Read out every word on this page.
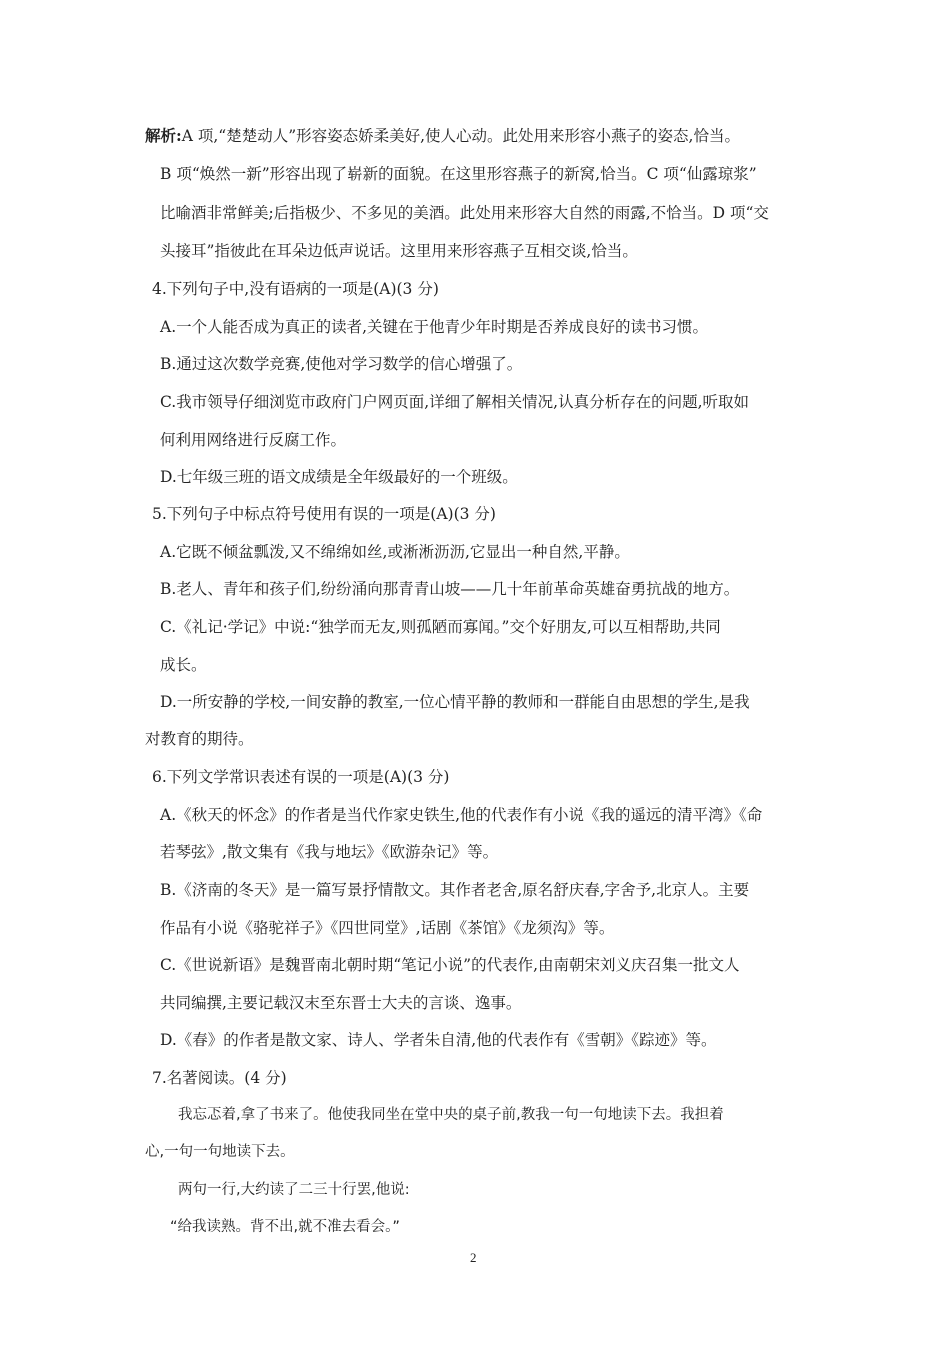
解析:A 项,“楚楚动人”形容姿态娇柔美好,使人心动。此处用来形容小燕子的姿态,恰当。
B 项“焕然一新”形容出现了崭新的面貌。在这里形容燕子的新窝,恰当。C 项“仙露琼浆”
比喻酒非常鲜美;后指极少、不多见的美酒。此处用来形容大自然的雨露,不恰当。D 项“交
头接耳”指彼此在耳朵边低声说话。这里用来形容燕子互相交谈,恰当。
4.下列句子中,没有语病的一项是(A)(3 分)
A.一个人能否成为真正的读者,关键在于他青少年时期是否养成良好的读书习惯。
B.通过这次数学竞赛,使他对学习数学的信心增强了。
C.我市领导仔细浏览市政府门户网页面,详细了解相关情况,认真分析存在的问题,听取如
何利用网络进行反腐工作。
D.七年级三班的语文成绩是全年级最好的一个班级。
5.下列句子中标点符号使用有误的一项是(A)(3 分)
A.它既不倾盆瓢泼,又不绵绵如丝,或淅淅沥沥,它显出一种自然,平静。
B.老人、青年和孩子们,纷纷涌向那青青山坡——几十年前革命英雄奋勇抗战的地方。
C.《礼记·学记》中说:“独学而无友,则孤陋而寡闻。”交个好朋友,可以互相帮助,共同
成长。
D.一所安静的学校,一间安静的教室,一位心情平静的教师和一群能自由思想的学生,是我
对教育的期待。
6.下列文学常识表述有误的一项是(A)(3 分)
A.《秋天的怀念》的作者是当代作家史铁生,他的代表作有小说《我的遥远的清平湾》《命
若琴弦》,散文集有《我与地坛》《欧游杂记》等。
B.《济南的冬天》是一篇写景抒情散文。其作者老舍,原名舒庆春,字舍予,北京人。主要
作品有小说《骆驼祥子》《四世同堂》,话剧《茶馆》《龙须沟》等。
C.《世说新语》是魏晋南北朝时期“笔记小说”的代表作,由南朝宋刘义庆召集一批文人
共同编撰,主要记载汉末至东晋士大夫的言谈、逸事。
D.《春》的作者是散文家、诗人、学者朱自清,他的代表作有《雪朝》《踪迹》等。
7.名著阅读。(4 分)
我忘忑着,拿了书来了。他使我同坐在堂中央的桌子前,教我一句一句地读下去。我担着
心,一句一句地读下去。
两句一行,大约读了二三十行罢,他说:
“给我读熟。背不出,就不准去看会。”
2
